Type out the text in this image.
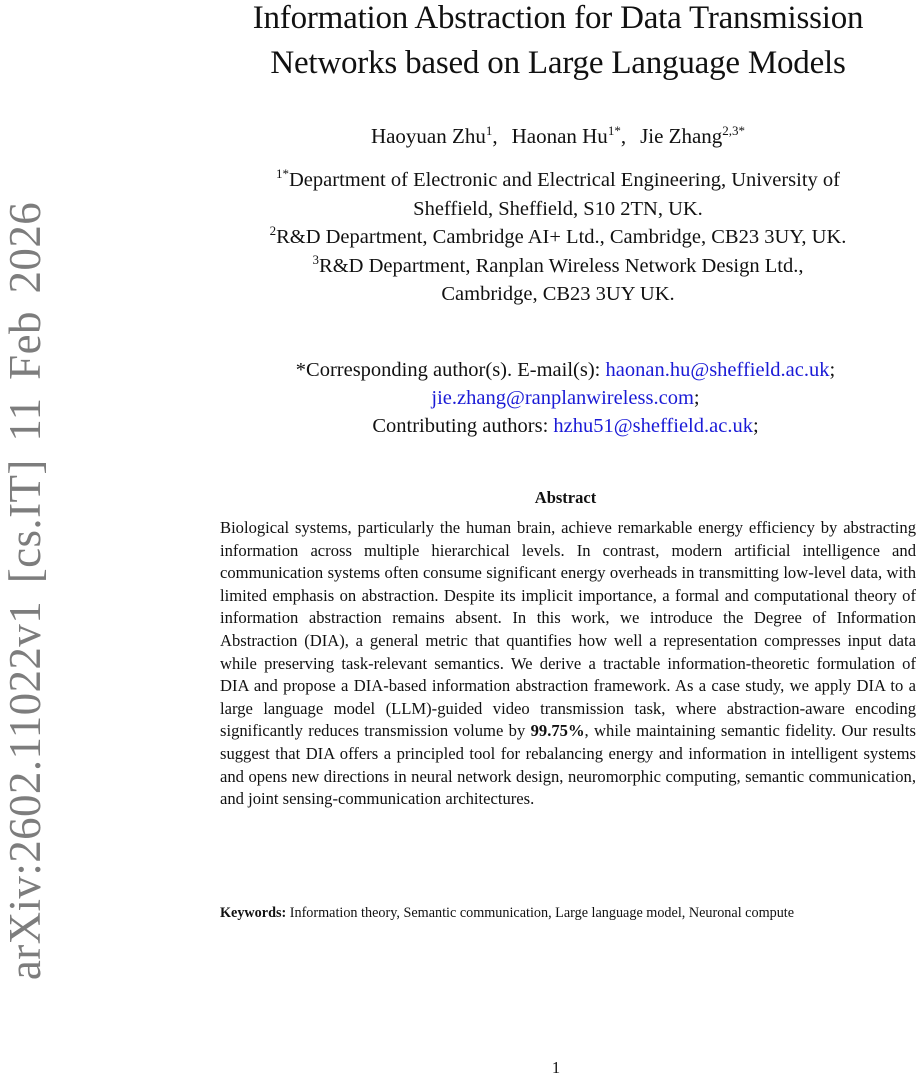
arXiv:2602.11022v1 [cs.IT] 11 Feb 2026
Information Abstraction for Data Transmission
Networks based on Large Language Models
Haoyuan Zhu$^1$, Haonan $Hu^{1*}$, Jie Zhang$^{2,3*}$
$^{1*}$Department of Electronic and Electrical Engineering, University of
Sheffield, Sheffield, S10 2TN, UK.
$^2$R&D Department, Cambridge AI+ Ltd., Cambridge, CB23 3UY, UK.
$^3$R&D Department, Ranplan Wireless Network Design Ltd.,
Cambridge, CB23 3UY UK.
*Corresponding author(s). E-mail(s): haonan.hu@sheffield.ac.uk;
jie.zhang@ranplanwireless.com;
Contributing authors: hzhu51@sheffield.ac.uk;
Abstract

Biological systems, particularly the human brain, achieve remarkable energy efficiency by abstracting information across multiple hierarchical levels. In contrast, modern artificial intelligence and communication systems often consume significant energy overheads in transmitting low-level data, with limited emphasis on abstraction. Despite its implicit importance, a formal and computational theory of information abstraction remains absent. In this work, we introduce the Degree of Information Abstraction (DIA), a general metric that quantifies how well a representation compresses input data while preserving task-relevant semantics. We derive a tractable information-theoretic formulation of DIA and propose a DIA-based information abstraction framework. As a case study, we apply DIA to a large language model (LLM)-guided video transmission task, where abstraction-aware encoding significantly reduces transmission volume by 99.75%, while maintaining semantic fidelity. Our results suggest that DIA offers a principled tool for rebalancing energy and information in intelligent systems and opens new directions in neural network design, neuromorphic computing, semantic communication, and joint sensing-communication architectures.

Keywords: Information theory, Semantic communication, Large language model, Neuronal compute

1
